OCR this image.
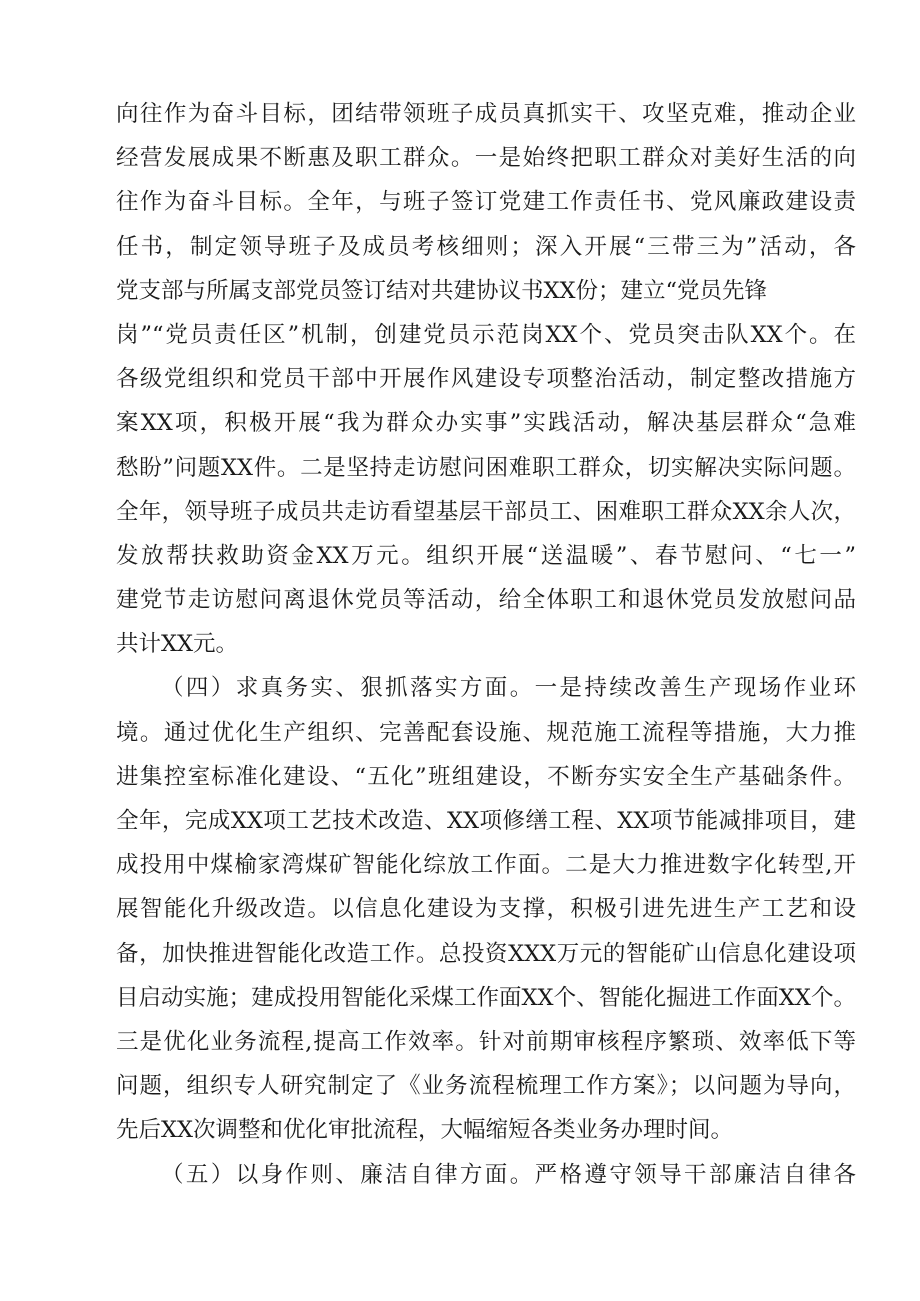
向往作为奋斗目标，团结带领班子成员真抓实干、攻坚克难，推动企业
经营发展成果不断惠及职工群众。一是始终把职工群众对美好生活的向
往作为奋斗目标。全年，与班子签订党建工作责任书、党风廉政建设责
任书，制定领导班子及成员考核细则；深入开展“三带三为”活动，各
党支部与所属支部党员签订结对共建协议书XX份；建立“党员先锋
岗”“党员责任区”机制，创建党员示范岗XX个、党员突击队XX个。在
各级党组织和党员干部中开展作风建设专项整治活动，制定整改措施方
案XX项，积极开展“我为群众办实事”实践活动，解决基层群众“急难
愁盼”问题XX件。二是坚持走访慰问困难职工群众，切实解决实际问题。
全年，领导班子成员共走访看望基层干部员工、困难职工群众XX余人次，
发放帮扶救助资金XX万元。组织开展“送温暖”、春节慰问、“七一”
建党节走访慰问离退休党员等活动，给全体职工和退休党员发放慰问品
共计XX元。
（四）求真务实、狠抓落实方面。一是持续改善生产现场作业环
境。通过优化生产组织、完善配套设施、规范施工流程等措施，大力推
进集控室标准化建设、“五化”班组建设，不断夯实安全生产基础条件。
全年，完成XX项工艺技术改造、XX项修缮工程、XX项节能减排项目，建
成投用中煤榆家湾煤矿智能化综放工作面。二是大力推进数字化转型,开
展智能化升级改造。以信息化建设为支撑，积极引进先进生产工艺和设
备，加快推进智能化改造工作。总投资XXX万元的智能矿山信息化建设项
目启动实施；建成投用智能化采煤工作面XX个、智能化掘进工作面XX个。
三是优化业务流程,提高工作效率。针对前期审核程序繁琐、效率低下等
问题，组织专人研究制定了《业务流程梳理工作方案》；以问题为导向，
先后XX次调整和优化审批流程，大幅缩短各类业务办理时间。
（五）以身作则、廉洁自律方面。严格遵守领导干部廉洁自律各
